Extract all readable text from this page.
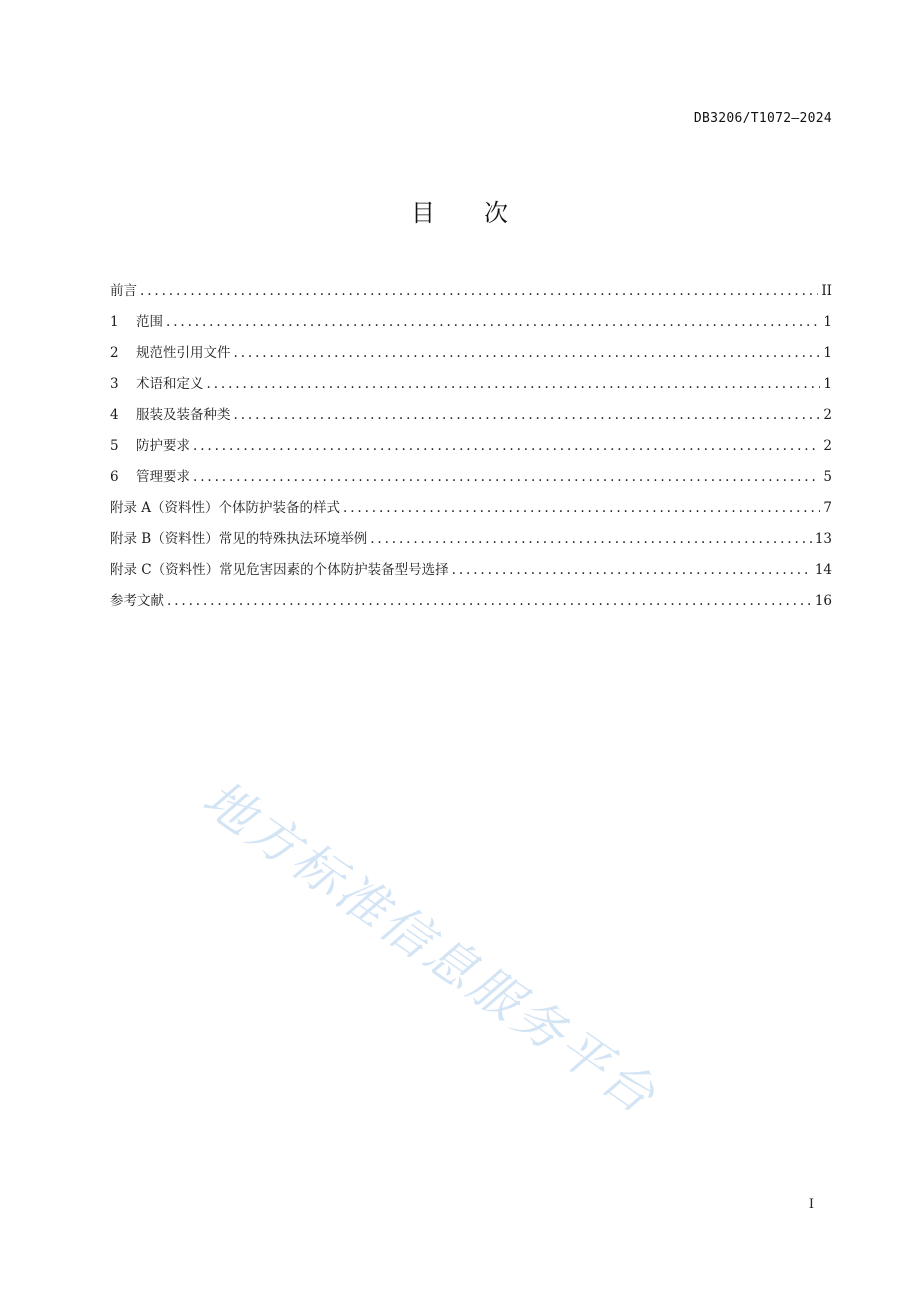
DB3206/T1072—2024
目 次
前言 .....	II
1	范围 .....	1
2	规范性引用文件 .....	1
3	术语和定义 .....	1
4	服装及装备种类 .....	2
5	防护要求 .....	2
6	管理要求 .....	5
附录 A（资料性）个体防护装备的样式 .....	7
附录 B（资料性）常见的特殊执法环境举例 .....	13
附录 C（资料性）常见危害因素的个体防护装备型号选择 .....	14
参考文献 .....	16
地方标准信息服务平台
I
